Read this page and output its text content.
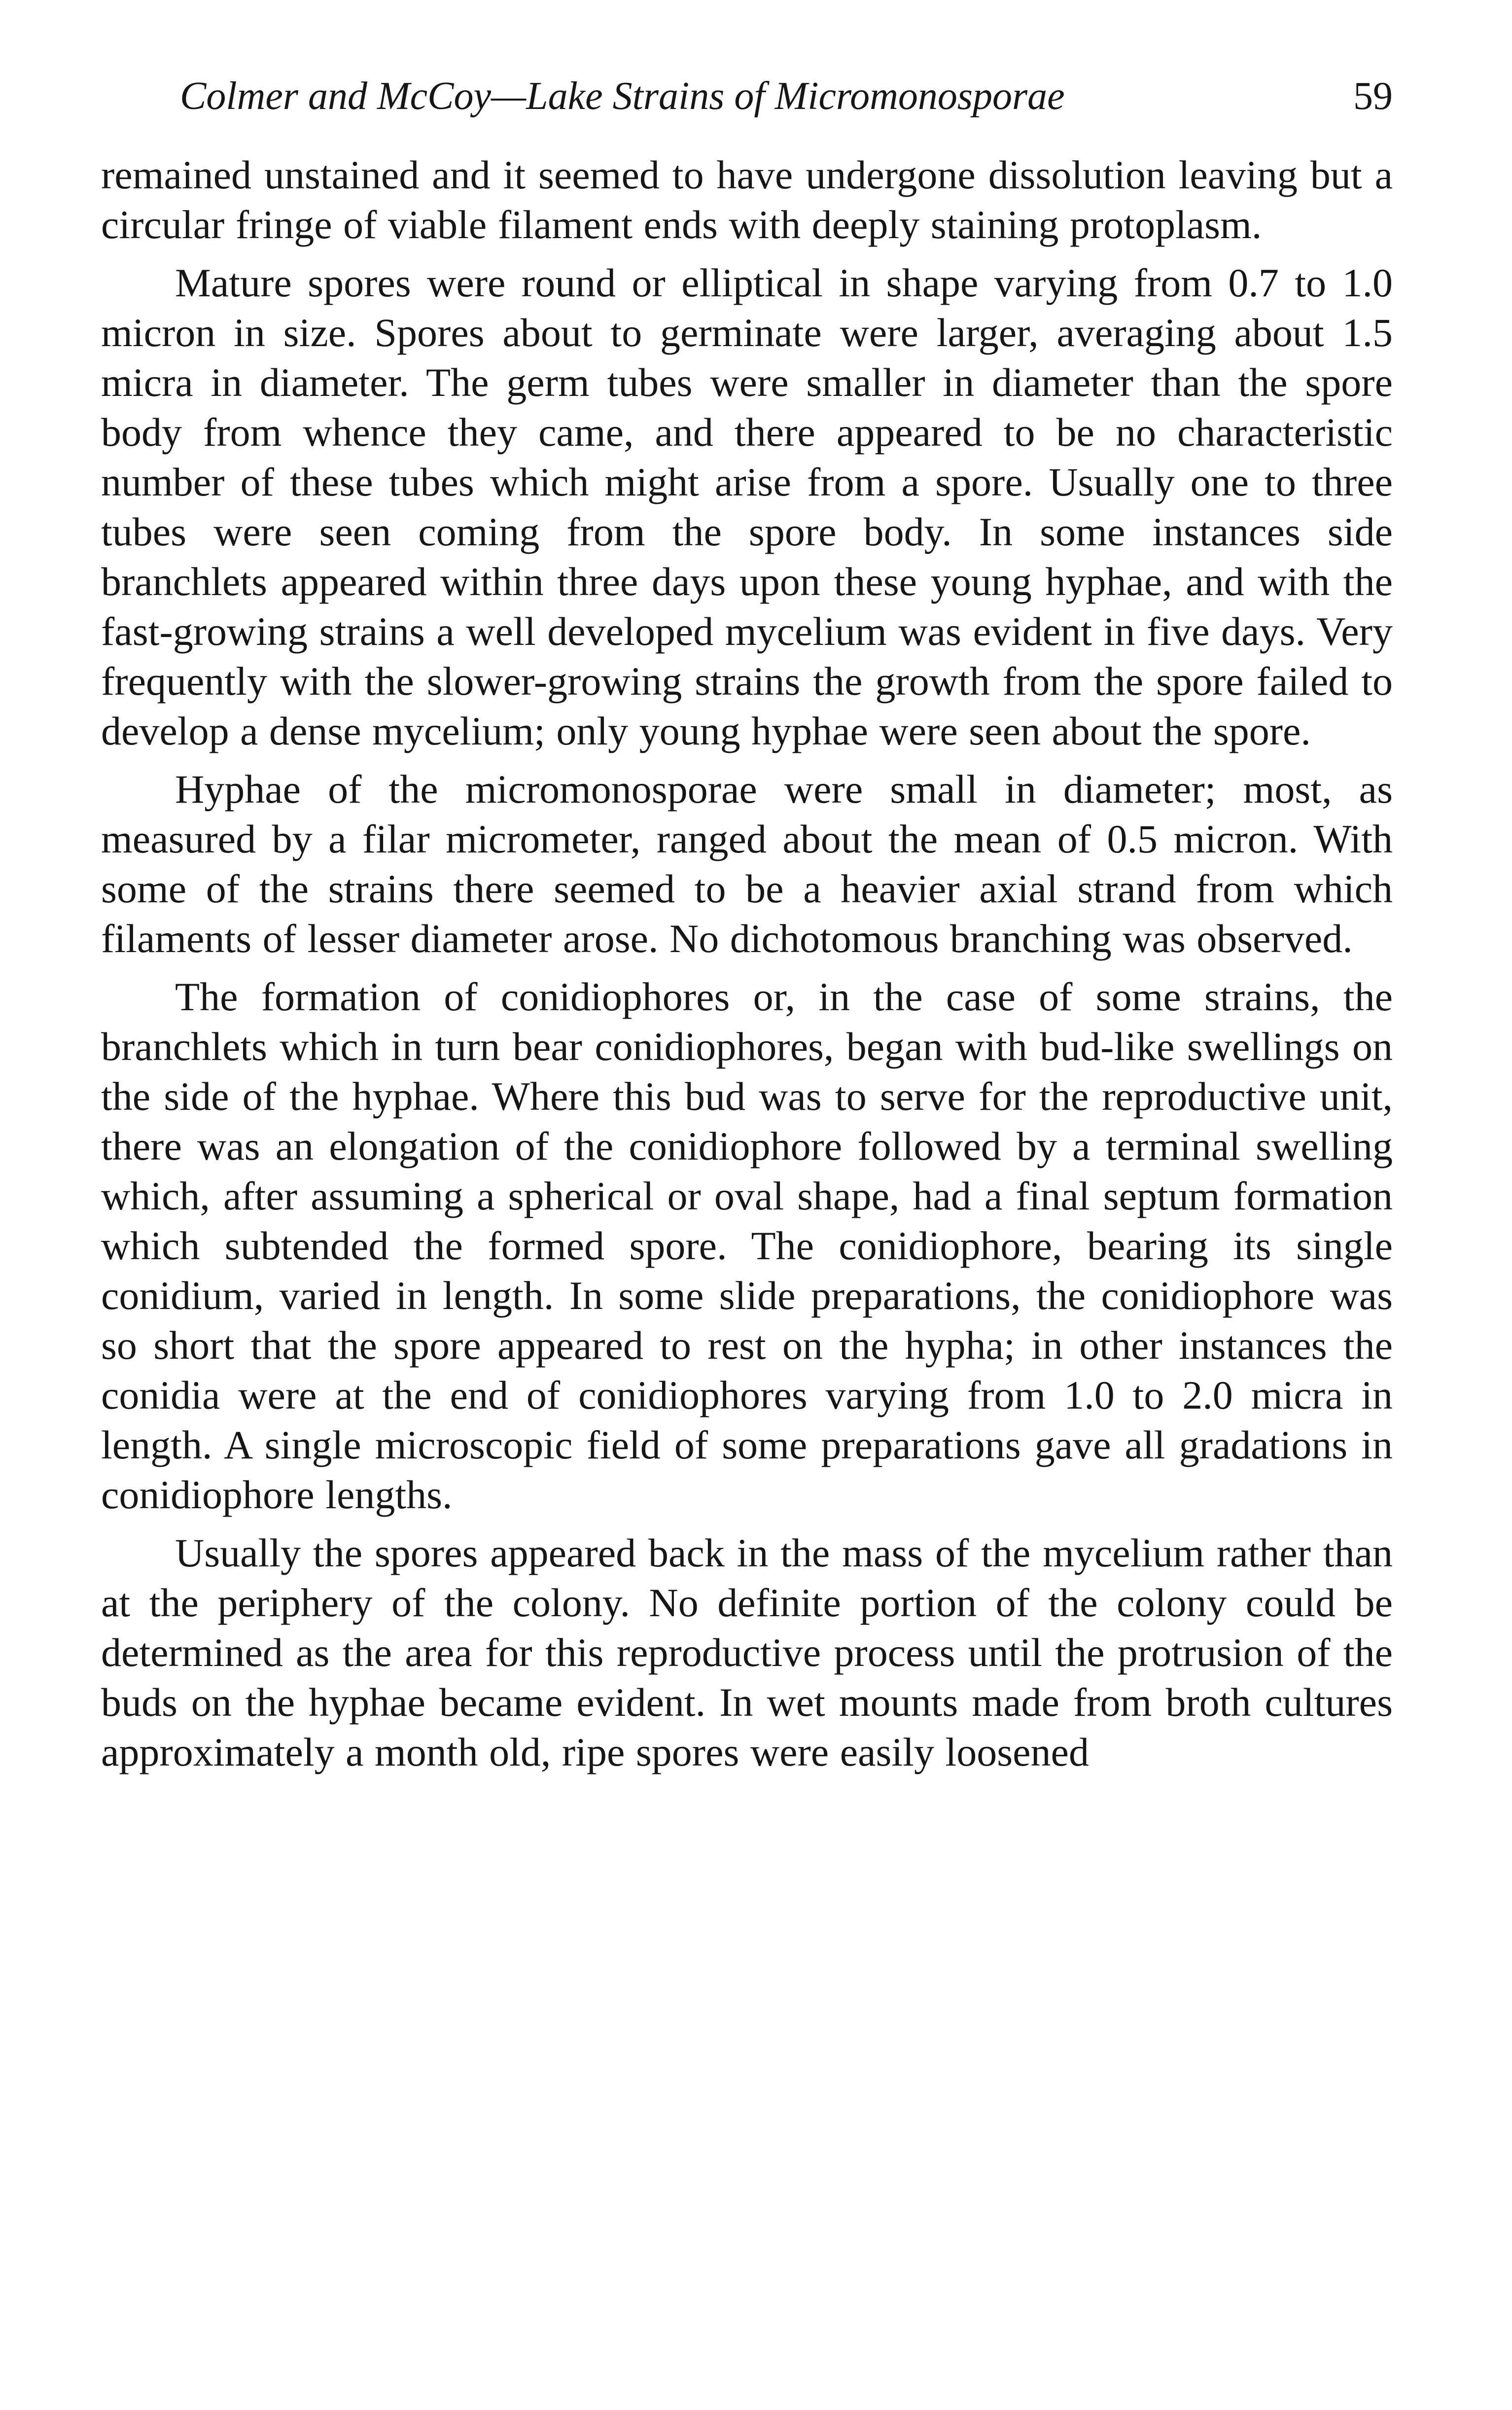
Colmer and McCoy—Lake Strains of Micromonosporae	59

remained unstained and it seemed to have undergone dissolution leaving but a circular fringe of viable filament ends with deeply staining protoplasm.

Mature spores were round or elliptical in shape varying from 0.7 to 1.0 micron in size. Spores about to germinate were larger, averaging about 1.5 micra in diameter. The germ tubes were smaller in diameter than the spore body from whence they came, and there appeared to be no characteristic number of these tubes which might arise from a spore. Usually one to three tubes were seen coming from the spore body. In some instances side branchlets appeared within three days upon these young hyphae, and with the fast-growing strains a well developed mycelium was evident in five days. Very frequently with the slower-growing strains the growth from the spore failed to develop a dense mycelium; only young hyphae were seen about the spore.

Hyphae of the micromonosporae were small in diameter; most, as measured by a filar micrometer, ranged about the mean of 0.5 micron. With some of the strains there seemed to be a heavier axial strand from which filaments of lesser diameter arose. No dichotomous branching was observed.

The formation of conidiophores or, in the case of some strains, the branchlets which in turn bear conidiophores, began with bud-like swellings on the side of the hyphae. Where this bud was to serve for the reproductive unit, there was an elongation of the conidiophore followed by a terminal swelling which, after assuming a spherical or oval shape, had a final septum formation which subtended the formed spore. The conidiophore, bearing its single conidium, varied in length. In some slide preparations, the conidiophore was so short that the spore appeared to rest on the hypha; in other instances the conidia were at the end of conidiophores varying from 1.0 to 2.0 micra in length. A single microscopic field of some preparations gave all gradations in conidiophore lengths.

Usually the spores appeared back in the mass of the mycelium rather than at the periphery of the colony. No definite portion of the colony could be determined as the area for this reproductive process until the protrusion of the buds on the hyphae became evident. In wet mounts made from broth cultures approximately a month old, ripe spores were easily loosened
